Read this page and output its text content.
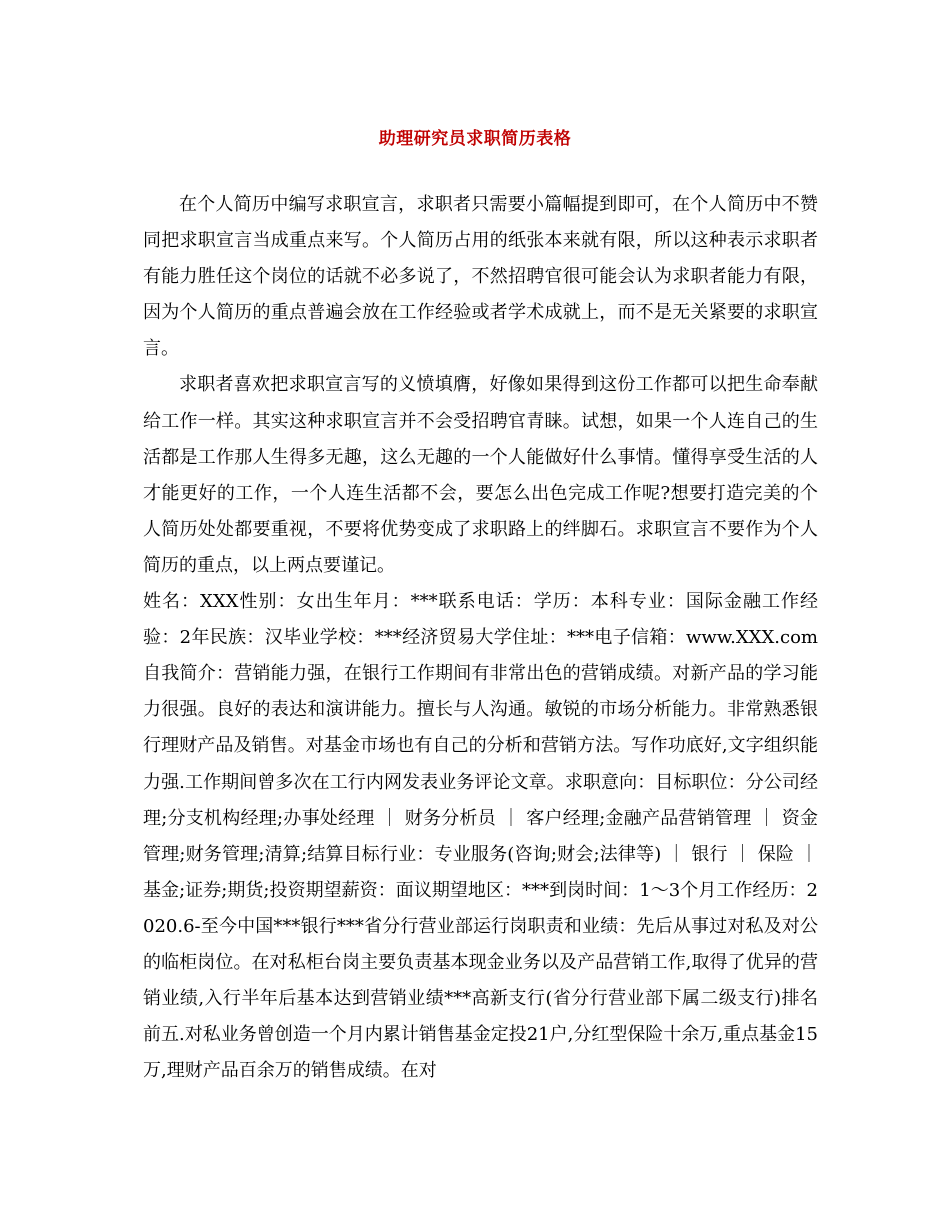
助理研究员求职简历表格

在个人简历中编写求职宣言，求职者只需要小篇幅提到即可，在个人简历中不赞同把求职宣言当成重点来写。个人简历占用的纸张本来就有限，所以这种表示求职者有能力胜任这个岗位的话就不必多说了，不然招聘官很可能会认为求职者能力有限，因为个人简历的重点普遍会放在工作经验或者学术成就上，而不是无关紧要的求职宣言。

求职者喜欢把求职宣言写的义愤填膺，好像如果得到这份工作都可以把生命奉献给工作一样。其实这种求职宣言并不会受招聘官青睐。试想，如果一个人连自己的生活都是工作那人生得多无趣，这么无趣的一个人能做好什么事情。懂得享受生活的人才能更好的工作，一个人连生活都不会，要怎么出色完成工作呢?想要打造完美的个人简历处处都要重视，不要将优势变成了求职路上的绊脚石。求职宣言不要作为个人简历的重点，以上两点要谨记。

姓名：XXX性别：女出生年月：***联系电话：学历：本科专业：国际金融工作经验：2年民族：汉毕业学校：***经济贸易大学住址：***电子信箱：www.XXX.com自我简介：营销能力强，在银行工作期间有非常出色的营销成绩。对新产品的学习能力很强。良好的表达和演讲能力。擅长与人沟通。敏锐的市场分析能力。非常熟悉银行理财产品及销售。对基金市场也有自己的分析和营销方法。写作功底好,文字组织能力强.工作期间曾多次在工行内网发表业务评论文章。求职意向：目标职位：分公司经理;分支机构经理;办事处经理 ｜ 财务分析员 ｜ 客户经理;金融产品营销管理 ｜ 资金管理;财务管理;清算;结算目标行业：专业服务(咨询;财会;法律等) ｜ 银行 ｜ 保险 ｜ 基金;证券;期货;投资期望薪资：面议期望地区：***到岗时间：1～3个月工作经历：2020.6-至今中国***银行***省分行营业部运行岗职责和业绩：先后从事过对私及对公的临柜岗位。在对私柜台岗主要负责基本现金业务以及产品营销工作,取得了优异的营销业绩,入行半年后基本达到营销业绩***高新支行(省分行营业部下属二级支行)排名前五.对私业务曾创造一个月内累计销售基金定投21户,分红型保险十余万,重点基金15万,理财产品百余万的销售成绩。在对
